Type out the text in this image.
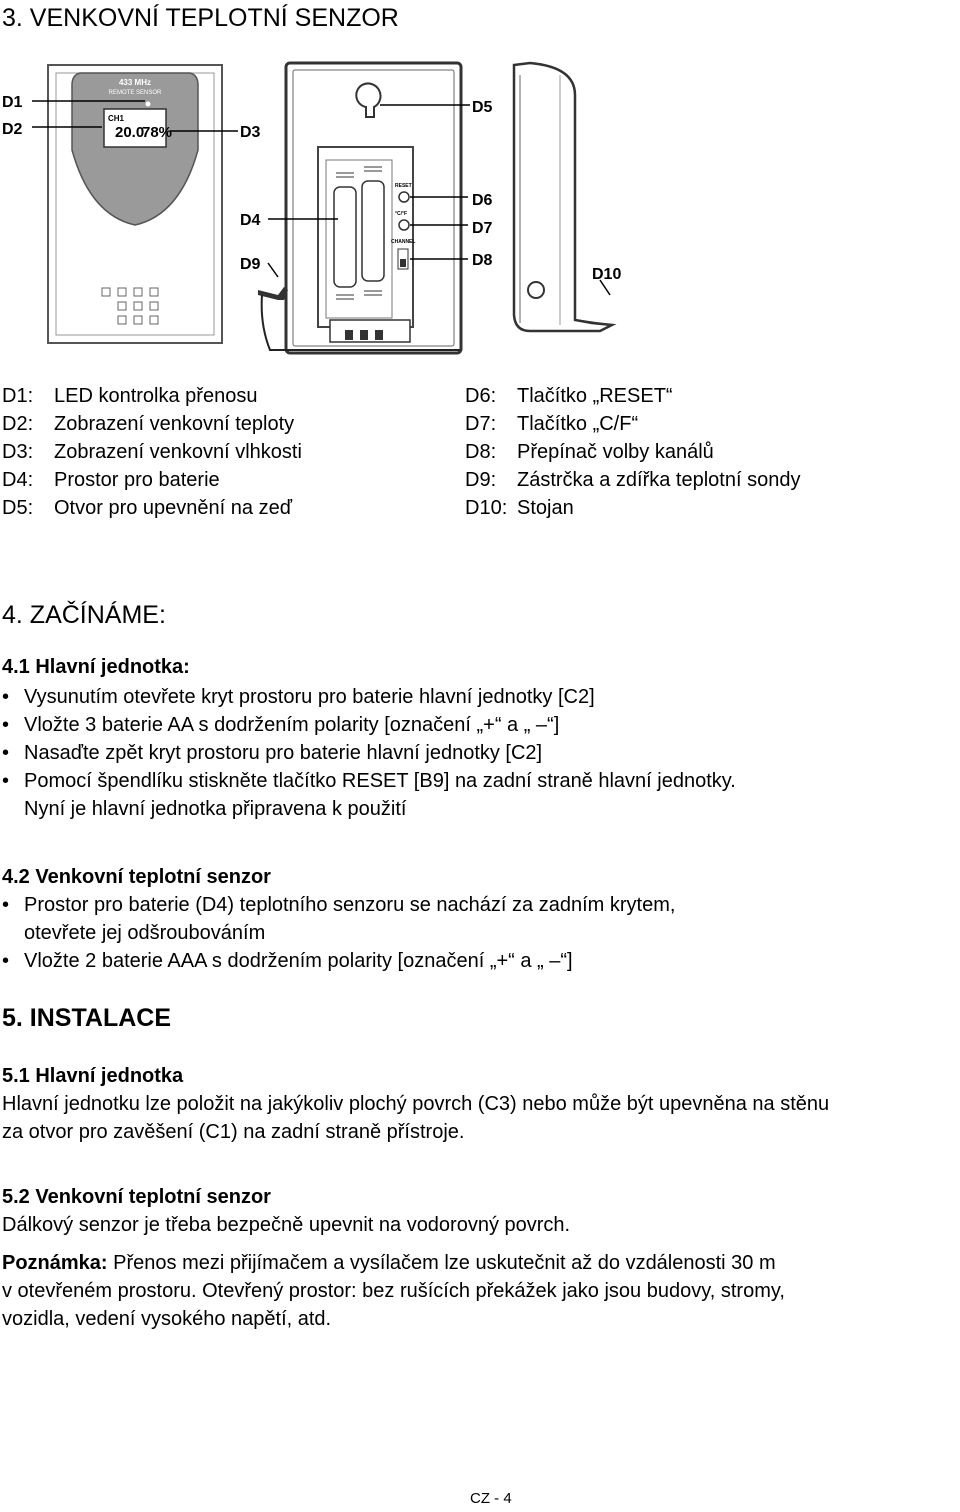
3. VENKOVNÍ TEPLOTNÍ SENZOR
433 MHz
REMOTE SENSOR
CH1
20.0
78%
RESET
°C/°F
CHANNEL
D1
D2	D3
D4
D5
D6
D7
D8
D9
D10
D1: LED kontrolka přenosu
D2: Zobrazení venkovní teploty
D3: Zobrazení venkovní vlhkosti
D4: Prostor pro baterie
D5: Otvor pro upevnění na zeď
D6: Tlačítko „RESET“
D7: Tlačítko „C/F“
D8: Přepínač volby kanálů
D9: Zástrčka a zdířka teplotní sondy
D10: Stojan
4. ZAČÍNÁME:
4.1 Hlavní jednotka:
• Vysunutím otevřete kryt prostoru pro baterie hlavní jednotky [C2]
• Vložte 3 baterie AA s dodržením polarity [označení „+“ a „ –“]
• Nasaďte zpět kryt prostoru pro baterie hlavní jednotky [C2]
• Pomocí špendlíku stiskněte tlačítko RESET [B9] na zadní straně hlavní jednotky.
Nyní je hlavní jednotka připravena k použití
4.2 Venkovní teplotní senzor
• Prostor pro baterie (D4) teplotního senzoru se nachází za zadním krytem,
otevřete jej odšroubováním
• Vložte 2 baterie AAA s dodržením polarity [označení „+“ a „ –“]
5. INSTALACE
5.1 Hlavní jednotka
Hlavní jednotku lze položit na jakýkoliv plochý povrch (C3) nebo může být upevněna na stěnu
za otvor pro zavěšení (C1) na zadní straně přístroje.
5.2 Venkovní teplotní senzor
Dálkový senzor je třeba bezpečně upevnit na vodorovný povrch.
Poznámka: Přenos mezi přijímačem a vysílačem lze uskutečnit až do vzdálenosti 30 m
v otevřeném prostoru. Otevřený prostor: bez rušících překážek jako jsou budovy, stromy,
vozidla, vedení vysokého napětí, atd.
CZ - 4
